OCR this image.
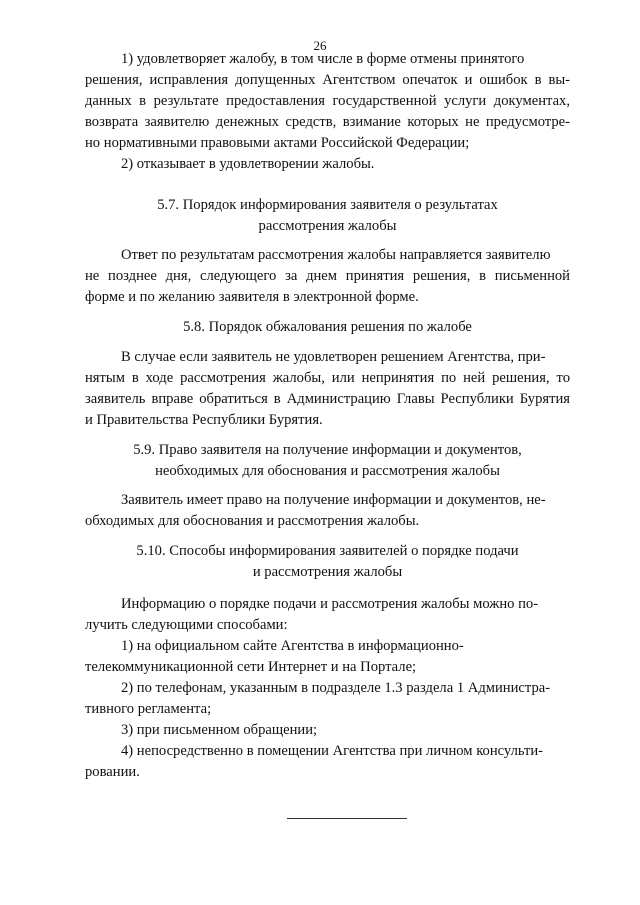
26
1) удовлетворяет жалобу, в том числе в форме отмены принятого
решения, исправления допущенных Агентством опечаток и ошибок в вы-
данных в результате предоставления государственной услуги документах,
возврата заявителю денежных средств, взимание которых не предусмотре-
но нормативными правовыми актами Российской Федерации;
2) отказывает в удовлетворении жалобы.
5.7. Порядок информирования заявителя о результатах
рассмотрения жалобы
Ответ по результатам рассмотрения жалобы направляется заявителю
не позднее дня, следующего за днем принятия решения, в письменной
форме и по желанию заявителя в электронной форме.
5.8. Порядок обжалования решения по жалобе
В случае если заявитель не удовлетворен решением Агентства, при-
нятым в ходе рассмотрения жалобы, или непринятия по ней решения, то
заявитель вправе обратиться в Администрацию Главы Республики Бурятия
и Правительства Республики Бурятия.
5.9. Право заявителя на получение информации и документов,
необходимых для обоснования и рассмотрения жалобы
Заявитель имеет право на получение информации и документов, не-
обходимых для обоснования и рассмотрения жалобы.
5.10. Способы информирования заявителей о порядке подачи
и рассмотрения жалобы
Информацию о порядке подачи и рассмотрения жалобы можно по-
лучить следующими способами:
1) на официальном сайте Агентства в информационно-
телекоммуникационной сети Интернет и на Портале;
2) по телефонам, указанным в подразделе 1.3 раздела 1 Администра-
тивного регламента;
3) при письменном обращении;
4) непосредственно в помещении Агентства при личном консульти-
ровании.
